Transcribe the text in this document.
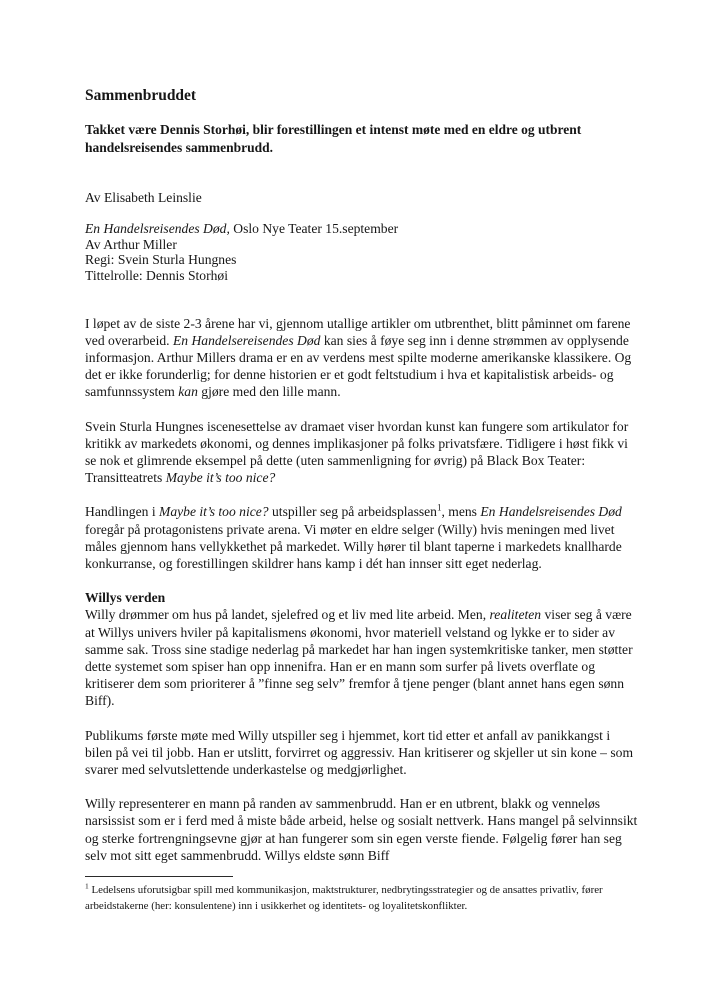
Sammenbruddet

Takket være Dennis Storhøi, blir forestillingen et intenst møte med en eldre og utbrent handelsreisendes sammenbrudd.

Av Elisabeth Leinslie

En Handelsreisendes Død, Oslo Nye Teater 15.september
Av Arthur Miller
Regi: Svein Sturla Hungnes
Tittelrolle: Dennis Storhøi

I løpet av de siste 2-3 årene har vi, gjennom utallige artikler om utbrenthet, blitt påminnet om farene ved overarbeid. En Handelsereisendes Død kan sies å føye seg inn i denne strømmen av opplysende informasjon. Arthur Millers drama er en av verdens mest spilte moderne amerikanske klassikere. Og det er ikke forunderlig; for denne historien er et godt feltstudium i hva et kapitalistisk arbeids- og samfunnssystem kan gjøre med den lille mann.

Svein Sturla Hungnes iscenesettelse av dramaet viser hvordan kunst kan fungere som artikulator for kritikk av markedets økonomi, og dennes implikasjoner på folks privatsfære. Tidligere i høst fikk vi se nok et glimrende eksempel på dette (uten sammenligning for øvrig) på Black Box Teater: Transitteatrets Maybe it’s too nice?

Handlingen i Maybe it’s too nice? utspiller seg på arbeidsplassen$^1$, mens En Handelsreisendes Død foregår på protagonistens private arena. Vi møter en eldre selger (Willy) hvis meningen med livet måles gjennom hans vellykkethet på markedet. Willy hører til blant taperne i markedets knallharde konkurranse, og forestillingen skildrer hans kamp i dét han innser sitt eget nederlag.

Willys verden

Willy drømmer om hus på landet, sjelefred og et liv med lite arbeid. Men, realiteten viser seg å være at Willys univers hviler på kapitalismens økonomi, hvor materiell velstand og lykke er to sider av samme sak. Tross sine stadige nederlag på markedet har han ingen systemkritiske tanker, men støtter dette systemet som spiser han opp innenifra. Han er en mann som surfer på livets overflate og kritiserer dem som prioriterer å ”finne seg selv” fremfor å tjene penger (blant annet hans egen sønn Biff).

Publikums første møte med Willy utspiller seg i hjemmet, kort tid etter et anfall av panikkangst i bilen på vei til jobb. Han er utslitt, forvirret og aggressiv. Han kritiserer og skjeller ut sin kone – som svarer med selvutslettende underkastelse og medgjørlighet.

Willy representerer en mann på randen av sammenbrudd. Han er en utbrent, blakk og venneløs narsissist som er i ferd med å miste både arbeid, helse og sosialt nettverk. Hans mangel på selvinnsikt og sterke fortrengningsevne gjør at han fungerer som sin egen verste fiende. Følgelig fører han seg selv mot sitt eget sammenbrudd. Willys eldste sønn Biff

$^1$ Ledelsens uforutsigbar spill med kommunikasjon, maktstrukturer, nedbrytingsstrategier og de ansattes privatliv, fører arbeidstakerne (her: konsulentene) inn i usikkerhet og identitets- og loyalitetskonflikter.
